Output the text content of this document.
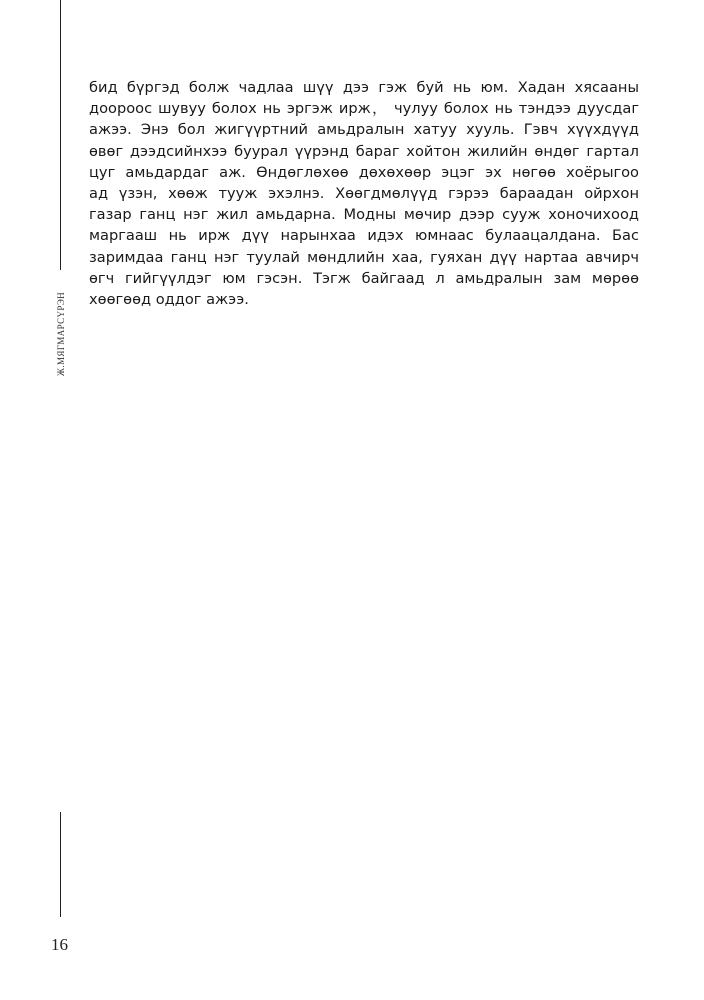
Ж.МЯГМАРСҮРЭН
16
бид бүргэд болж чадлаа шүү дээ гэж буй нь юм. Хадан хясааны
доороос шувуу болох нь эргэж ирж， чулуу болох нь тэндээ дуусдаг
ажээ. Энэ бол жигүүртний амьдралын хатуу хууль. Гэвч хүүхдүүд
өвөг дээдсийнхээ буурал үүрэнд бараг хойтон жилийн өндөг гартал
цуг амьдардаг аж. Өндөглөхөө дөхөхөөр эцэг эх нөгөө хоёрыгоо
ад үзэн, хөөж тууж эхэлнэ. Хөөгдмөлүүд гэрээ бараадан ойрхон
газар ганц нэг жил амьдарна. Модны мөчир дээр сууж хоночихоод
маргааш нь ирж дүү нарынхаа идэх юмнаас булаацалдана. Бас
заримдаа ганц нэг туулай мөндлийн хаа, гуяхан дүү нартаа авчирч
өгч гийгүүлдэг юм гэсэн. Тэгж байгаад л амьдралын зам мөрөө
хөөгөөд оддог ажээ.
